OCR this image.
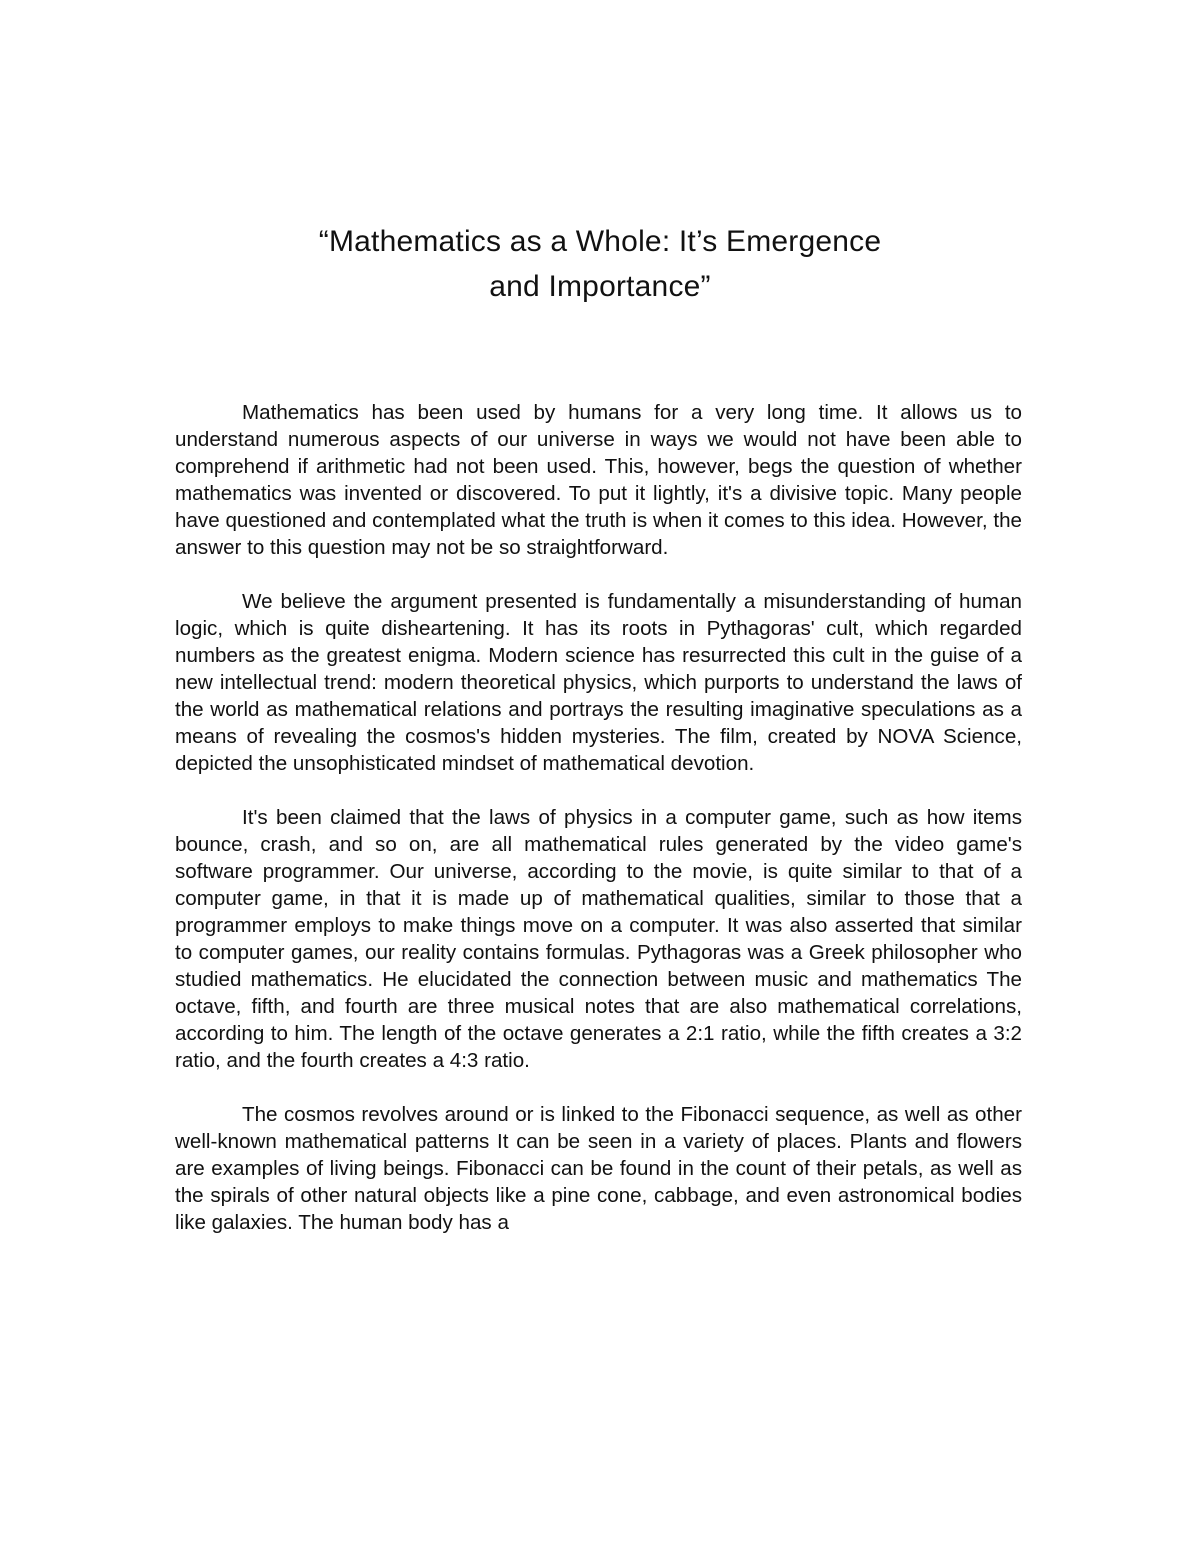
“Mathematics as a Whole: It’s Emergence
and Importance”

Mathematics has been used by humans for a very long time. It allows us to understand numerous aspects of our universe in ways we would not have been able to comprehend if arithmetic had not been used. This, however, begs the question of whether mathematics was invented or discovered. To put it lightly, it's a divisive topic. Many people have questioned and contemplated what the truth is when it comes to this idea. However, the answer to this question may not be so straightforward.

We believe the argument presented is fundamentally a misunderstanding of human logic, which is quite disheartening. It has its roots in Pythagoras' cult, which regarded numbers as the greatest enigma. Modern science has resurrected this cult in the guise of a new intellectual trend: modern theoretical physics, which purports to understand the laws of the world as mathematical relations and portrays the resulting imaginative speculations as a means of revealing the cosmos's hidden mysteries. The film, created by NOVA Science, depicted the unsophisticated mindset of mathematical devotion.

It's been claimed that the laws of physics in a computer game, such as how items bounce, crash, and so on, are all mathematical rules generated by the video game's software programmer. Our universe, according to the movie, is quite similar to that of a computer game, in that it is made up of mathematical qualities, similar to those that a programmer employs to make things move on a computer. It was also asserted that similar to computer games, our reality contains formulas. Pythagoras was a Greek philosopher who studied mathematics. He elucidated the connection between music and mathematics The octave, fifth, and fourth are three musical notes that are also mathematical correlations, according to him. The length of the octave generates a 2:1 ratio, while the fifth creates a 3:2 ratio, and the fourth creates a 4:3 ratio.

The cosmos revolves around or is linked to the Fibonacci sequence, as well as other well-known mathematical patterns It can be seen in a variety of places. Plants and flowers are examples of living beings. Fibonacci can be found in the count of their petals, as well as the spirals of other natural objects like a pine cone, cabbage, and even astronomical bodies like galaxies. The human body has a
